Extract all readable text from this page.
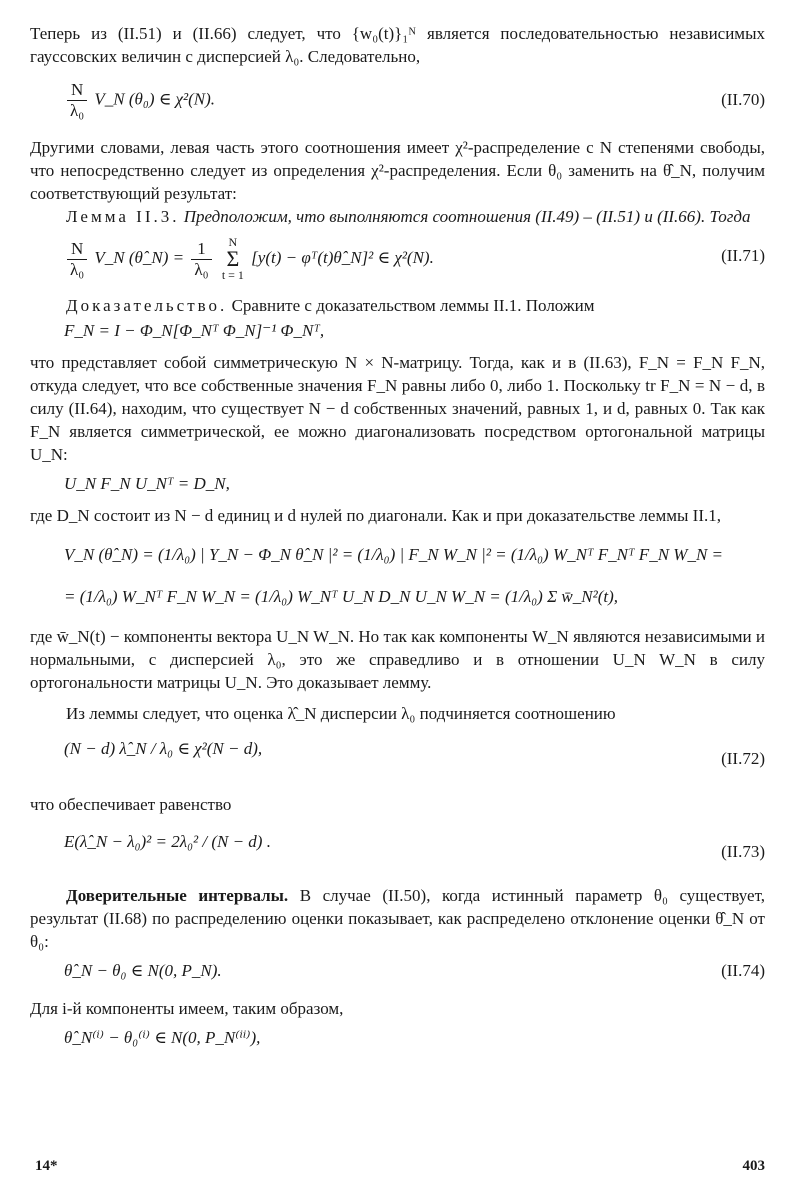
Теперь из (II.51) и (II.66) следует, что {w₀(t)}₁ᴺ является последовательностью независимых гауссовских величин с дисперсией λ₀. Следовательно,

$\frac{N}{\text{λ₀}}$ V_N (θ₀) ∈ χ²(N).	(II.70)

Другими словами, левая часть этого соотношения имеет χ²-распределение с N степенями свободы, что непосредственно следует из определения χ²-распределения. Если θ₀ заменить на θ̂_N, получим соответствующий результат:

Лемма II.3. Предположим, что выполняются соотношения (II.49) – (II.51) и (II.66). Тогда

$\frac{N}{\text{λ₀}}$ V_N (θ̂_N) = $\frac{1}{\text{λ₀}}$ N
Σ
t = 1 [y(t) − φᵀ(t)θ̂_N]² ∈ χ²(N).	(II.71)

Доказательство. Сравните с доказательством леммы II.1. Положим

F_N = I − Φ_N[Φ_Nᵀ Φ_N]⁻¹ Φ_Nᵀ,

что представляет собой симметрическую N × N-матрицу. Тогда, как и в (II.63), F_N = F_N F_N, откуда следует, что все собственные значения F_N равны либо 0, либо 1. Поскольку tr F_N = N − d, в силу (II.64), находим, что существует N − d собственных значений, равных 1, и d, равных 0. Так как F_N является симметрической, ее можно диагонализовать посредством ортогональной матрицы U_N:

U_N F_N U_Nᵀ = D_N,

где D_N состоит из N − d единиц и d нулей по диагонали. Как и при доказательстве леммы II.1,

V_N (θ̂_N) = (1/λ₀) | Y_N − Φ_N θ̂_N |² = (1/λ₀) | F_N W_N |² = (1/λ₀) W_Nᵀ F_Nᵀ F_N W_N =
= (1/λ₀) W_Nᵀ F_N W_N = (1/λ₀) W_Nᵀ U_N D_N U_N W_N = (1/λ₀) Σ w̄_N²(t),

где w̄_N(t) − компоненты вектора U_N W_N. Но так как компоненты W_N являются независимыми и нормальными, с дисперсией λ₀, это же справедливо и в отношении U_N W_N в силу ортогональности матрицы U_N. Это доказывает лемму.

Из леммы следует, что оценка λ̂_N дисперсии λ₀ подчиняется соотношению

(N − d) λ̂_N / λ₀ ∈ χ²(N − d),
(II.72)

что обеспечивает равенство

E(λ̂_N − λ₀)² = 2λ₀² / (N − d) .
(II.73)

Доверительные интервалы. В случае (II.50), когда истинный параметр θ₀ существует, результат (II.68) по распределению оценки показывает, как распределено отклонение оценки θ̂_N от θ₀:

θ̂_N − θ₀ ∈ N(0, P_N).	(II.74)

Для i-й компоненты имеем, таким образом,

θ̂_N⁽ⁱ⁾ − θ₀⁽ⁱ⁾ ∈ N(0, P_N⁽ⁱⁱ⁾),
14*	403
